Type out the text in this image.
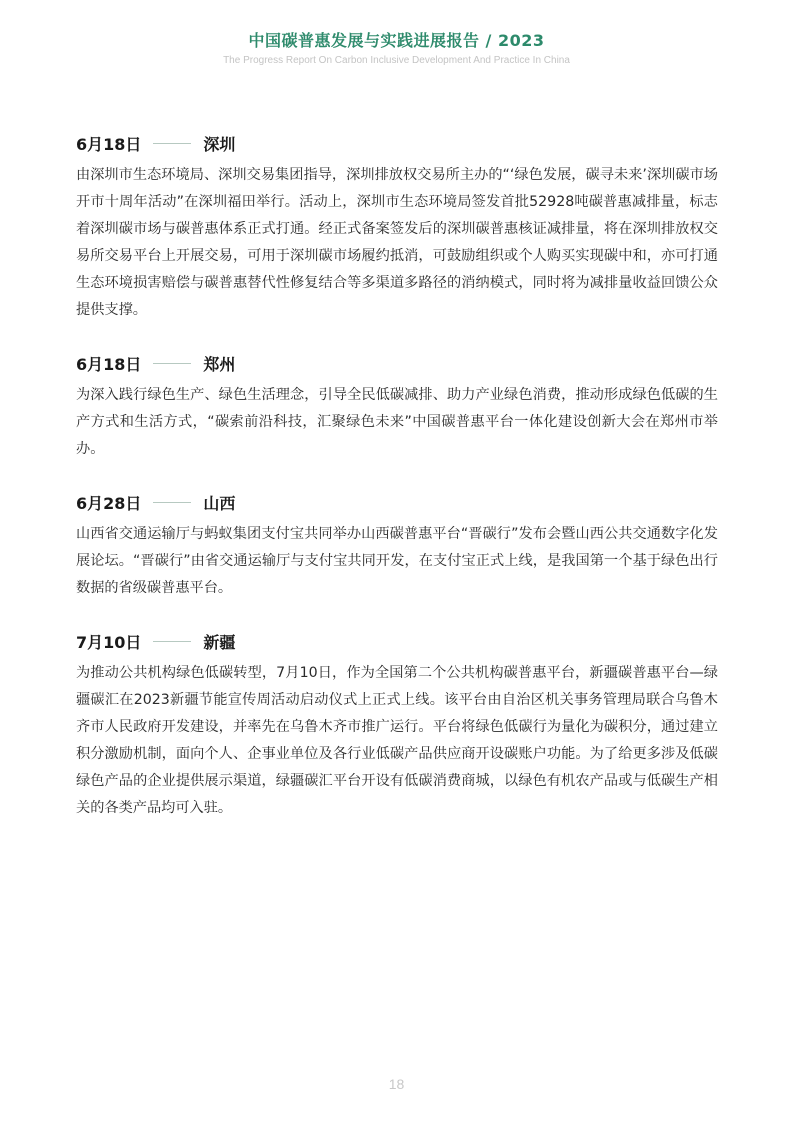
中国碳普惠发展与实践进展报告 / 2023
The Progress Report On Carbon Inclusive Development And Practice In China
6月18日	深圳

由深圳市生态环境局、深圳交易集团指导，深圳排放权交易所主办的“‘绿色发展，碳寻未来’深圳碳市场开市十周年活动”在深圳福田举行。活动上，深圳市生态环境局签发首批52928吨碳普惠减排量，标志着深圳碳市场与碳普惠体系正式打通。经正式备案签发后的深圳碳普惠核证减排量，将在深圳排放权交易所交易平台上开展交易，可用于深圳碳市场履约抵消，可鼓励组织或个人购买实现碳中和，亦可打通生态环境损害赔偿与碳普惠替代性修复结合等多渠道多路径的消纳模式，同时将为减排量收益回馈公众提供支撑。

6月18日	郑州

为深入践行绿色生产、绿色生活理念，引导全民低碳减排、助力产业绿色消费，推动形成绿色低碳的生产方式和生活方式，“碳索前沿科技，汇聚绿色未来”中国碳普惠平台一体化建设创新大会在郑州市举办。

6月28日	山西

山西省交通运输厅与蚂蚁集团支付宝共同举办山西碳普惠平台“晋碳行”发布会暨山西公共交通数字化发展论坛。“晋碳行”由省交通运输厅与支付宝共同开发，在支付宝正式上线，是我国第一个基于绿色出行数据的省级碳普惠平台。

7月10日	新疆

为推动公共机构绿色低碳转型，7月10日，作为全国第二个公共机构碳普惠平台，新疆碳普惠平台—绿疆碳汇在2023新疆节能宣传周活动启动仪式上正式上线。该平台由自治区机关事务管理局联合乌鲁木齐市人民政府开发建设，并率先在乌鲁木齐市推广运行。平台将绿色低碳行为量化为碳积分，通过建立积分激励机制，面向个人、企事业单位及各行业低碳产品供应商开设碳账户功能。为了给更多涉及低碳绿色产品的企业提供展示渠道，绿疆碳汇平台开设有低碳消费商城，以绿色有机农产品或与低碳生产相关的各类产品均可入驻。

18
